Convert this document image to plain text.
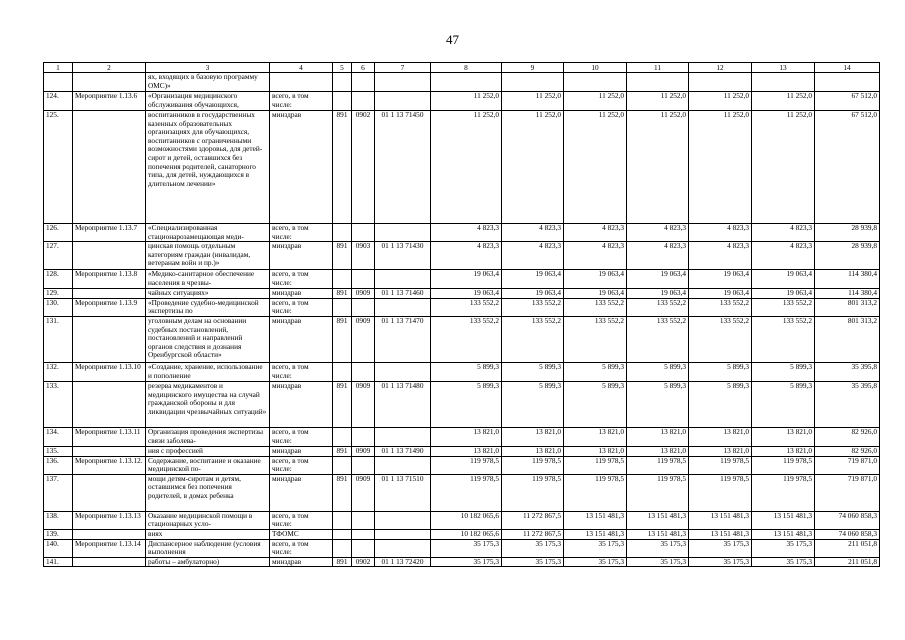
47
1	2	3	4	5	6	7	8	9	10	11	12	13	14
		ях, входящих в базовую программу ОМС)»											
124.	Мероприятие 1.13.6	«Организация медицинского обслуживания обучающихся,	всего, в том числе:				11 252,0	11 252,0	11 252,0	11 252,0	11 252,0	11 252,0	67 512,0
125.		воспитанников в государственных казенных образовательных организациях для обучающихся, воспитанников с ограниченными возможностями здоровья, для детей-сирот и детей, оставшихся без попечения родителей, санаторного типа, для детей, нуждающихся в длительном лечении»	минздрав	891	0902	01 1 13 71450	11 252,0	11 252,0	11 252,0	11 252,0	11 252,0	11 252,0	67 512,0
126.	Мероприятие 1.13.7	«Специализированная стационарозамещающая меди-	всего, в том числе:				4 823,3	4 823,3	4 823,3	4 823,3	4 823,3	4 823,3	28 939,8
127.		цинская помощь отдельным категориям граждан (инвалидам, ветеранам войн и пр.)»	минздрав	891	0903	01 1 13 71430	4 823,3	4 823,3	4 823,3	4 823,3	4 823,3	4 823,3	28 939,8
128.	Мероприятие 1.13.8	«Медико-санитарное обеспечение населения в чрезвы-	всего, в том числе:				19 063,4	19 063,4	19 063,4	19 063,4	19 063,4	19 063,4	114 380,4
129.		чайных ситуациях»	минздрав	891	0909	01 1 13 71460	19 063,4	19 063,4	19 063,4	19 063,4	19 063,4	19 063,4	114 380,4
130.	Мероприятие 1.13.9	«Проведение судебно-медицинской экспертизы по	всего, в том числе:				133 552,2	133 552,2	133 552,2	133 552,2	133 552,2	133 552,2	801 313,2
131.		уголовным делам на основании судебных постановлений, постановлений и направлений органов следствия и дознания Оренбургской области»	минздрав	891	0909	01 1 13 71470	133 552,2	133 552,2	133 552,2	133 552,2	133 552,2	133 552,2	801 313,2
132.	Мероприятие 1.13.10	«Создание, хранение, использование и пополнение	всего, в том числе:				5 899,3	5 899,3	5 899,3	5 899,3	5 899,3	5 899,3	35 395,8
133.		резерва медикаментов и медицинского имущества на случай гражданской обороны и для ликвидации чрезвычайных ситуаций»	минздрав	891	0909	01 1 13 71480	5 899,3	5 899,3	5 899,3	5 899,3	5 899,3	5 899,3	35 395,8
134.	Мероприятие 1.13.11	Организация проведения экспертизы связи заболева-	всего, в том числе:				13 821,0	13 821,0	13 821,0	13 821,0	13 821,0	13 821,0	82 926,0
135.		ния с профессией	минздрав	891	0909	01 1 13 71490	13 821,0	13 821,0	13 821,0	13 821,0	13 821,0	13 821,0	82 926,0
136.	Мероприятие 1.13.12.	Содержание, воспитание и оказание медицинской по-	всего, в том числе:				119 978,5	119 978,5	119 978,5	119 978,5	119 978,5	119 978,5	719 871,0
137.		мощи детям-сиротам и детям, оставшимся без попечения родителей, в домах ребенка	минздрав	891	0909	01 1 13 71510	119 978,5	119 978,5	119 978,5	119 978,5	119 978,5	119 978,5	719 871,0
138.	Мероприятие 1.13.13	Оказание медицинской помощи в стационарных усло-	всего, в том числе:				10 182 065,6	11 272 867,5	13 151 481,3	13 151 481,3	13 151 481,3	13 151 481,3	74 060 858,3
139.		виях	ТФОМС				10 182 065,6	11 272 867,5	13 151 481,3	13 151 481,3	13 151 481,3	13 151 481,3	74 060 858,3
140.	Мероприятие 1.13.14	Диспансерное наблюдение (условия выполнения	всего, в том числе:				35 175,3	35 175,3	35 175,3	35 175,3	35 175,3	35 175,3	211 051,8
141.		работы – амбулаторно)	минздрав	891	0902	01 1 13 72420	35 175,3	35 175,3	35 175,3	35 175,3	35 175,3	35 175,3	211 051,8
